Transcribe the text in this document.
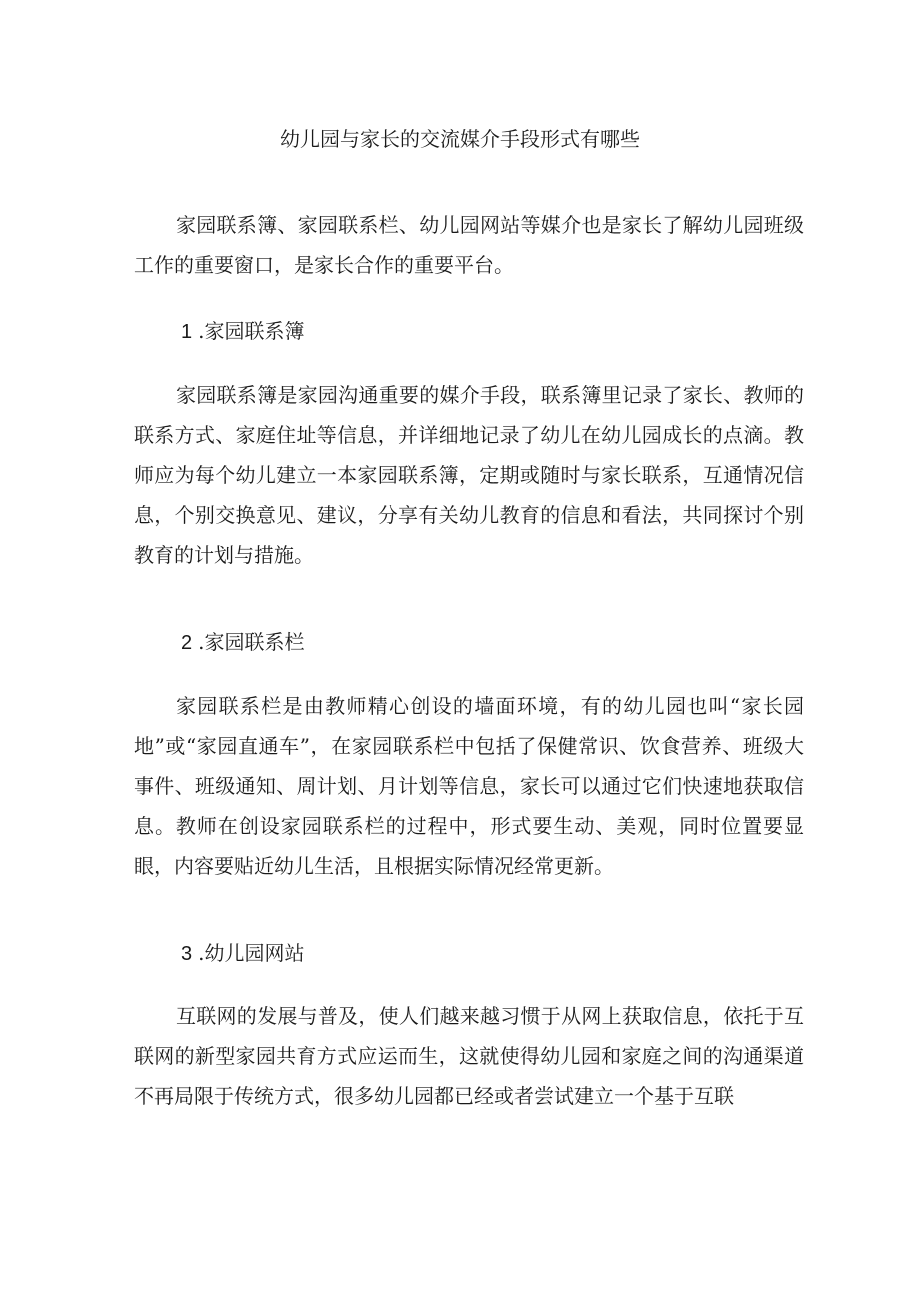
幼儿园与家长的交流媒介手段形式有哪些

家园联系簿、家园联系栏、幼儿园网站等媒介也是家长了解幼儿园班级工作的重要窗口，是家长合作的重要平台。

1 .家园联系簿

家园联系簿是家园沟通重要的媒介手段，联系簿里记录了家长、教师的联系方式、家庭住址等信息，并详细地记录了幼儿在幼儿园成长的点滴。教师应为每个幼儿建立一本家园联系簿，定期或随时与家长联系，互通情况信息，个别交换意见、建议，分享有关幼儿教育的信息和看法，共同探讨个别教育的计划与措施。

2 .家园联系栏

家园联系栏是由教师精心创设的墙面环境，有的幼儿园也叫“家长园地”或“家园直通车”，在家园联系栏中包括了保健常识、饮食营养、班级大事件、班级通知、周计划、月计划等信息，家长可以通过它们快速地获取信息。教师在创设家园联系栏的过程中，形式要生动、美观，同时位置要显眼，内容要贴近幼儿生活，且根据实际情况经常更新。

3 .幼儿园网站

互联网的发展与普及，使人们越来越习惯于从网上获取信息，依托于互联网的新型家园共育方式应运而生，这就使得幼儿园和家庭之间的沟通渠道不再局限于传统方式，很多幼儿园都已经或者尝试建立一个基于互联
